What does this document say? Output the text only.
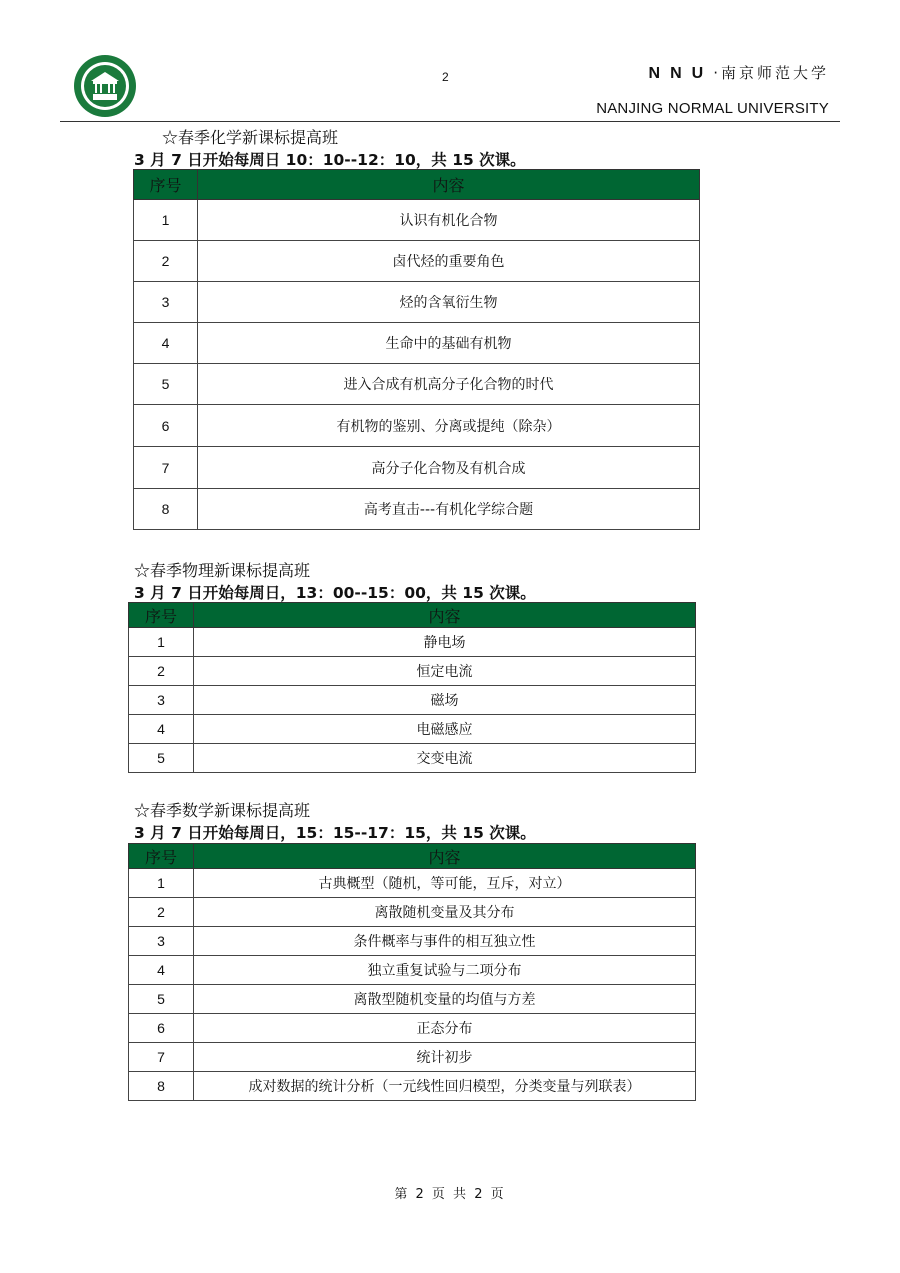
2	NNU·南京师范大学
NANJING NORMAL UNIVERSITY
☆春季化学新课标提高班
3 月 7 日开始每周日 10：10--12：10，共 15 次课。
序号	内容
1	认识有机化合物
2	卤代烃的重要角色
3	烃的含氧衍生物
4	生命中的基础有机物
5	进入合成有机高分子化合物的时代
6	有机物的鉴别、分离或提纯（除杂）
7	高分子化合物及有机合成
8	高考直击---有机化学综合题
☆春季物理新课标提高班
3 月 7 日开始每周日，13：00--15：00，共 15 次课。
序号	内容
1	静电场
2	恒定电流
3	磁场
4	电磁感应
5	交变电流
☆春季数学新课标提高班
3 月 7 日开始每周日，15：15--17：15，共 15 次课。
序号	内容
1	古典概型（随机，等可能，互斥，对立）
2	离散随机变量及其分布
3	条件概率与事件的相互独立性
4	独立重复试验与二项分布
5	离散型随机变量的均值与方差
6	正态分布
7	统计初步
8	成对数据的统计分析（一元线性回归模型，分类变量与列联表）
第 2 页 共 2 页
